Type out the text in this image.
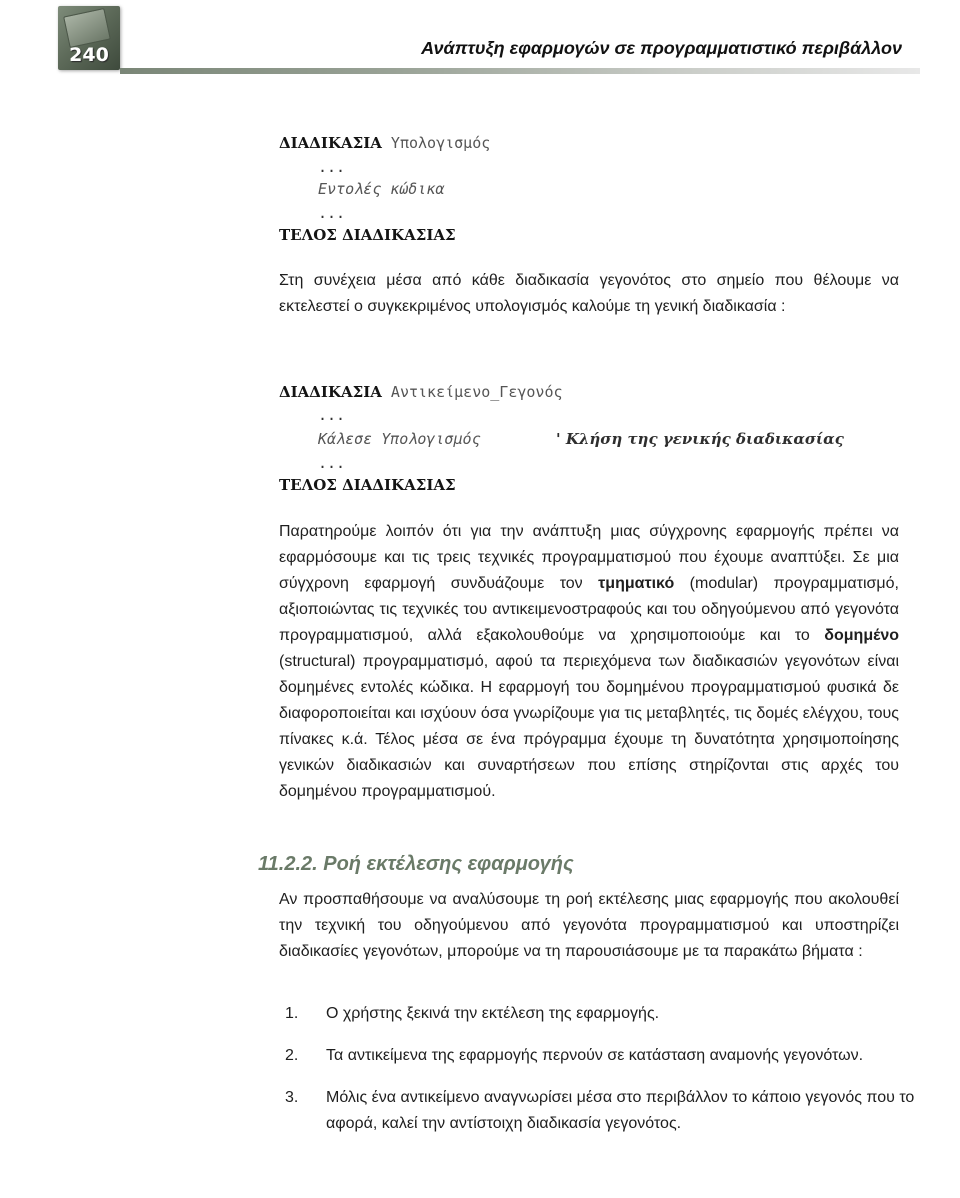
240	Ανάπτυξη εφαρμογών σε προγραμματιστικό περιβάλλον
ΔΙΑΔΙΚΑΣΙΑ Υπολογισμός
...
Εντολές κώδικα
...
ΤΕΛΟΣ ΔΙΑΔΙΚΑΣΙΑΣ

Στη συνέχεια μέσα από κάθε διαδικασία γεγονότος στο σημείο που θέλουμε να εκτελεστεί ο συγκεκριμένος υπολογισμός καλούμε τη γενική διαδικασία :

ΔΙΑΔΙΚΑΣΙΑ Αντικείμενο_Γεγονός
...
Κάλεσε Υπολογισμός	' Κλήση της γενικής διαδικασίας
...
ΤΕΛΟΣ ΔΙΑΔΙΚΑΣΙΑΣ

Παρατηρούμε λοιπόν ότι για την ανάπτυξη μιας σύγχρονης εφαρμογής πρέπει να εφαρμόσουμε και τις τρεις τεχνικές προγραμματισμού που έχουμε αναπτύξει. Σε μια σύγχρονη εφαρμογή συνδυάζουμε τον τμηματικό (modular) προγραμματισμό, αξιοποιώντας τις τεχνικές του αντικειμενοστραφούς και του οδηγούμενου από γεγονότα προγραμματισμού, αλλά εξακολουθούμε να χρησιμοποιούμε και το δομημένο (structural) προγραμματισμό, αφού τα περιεχόμενα των διαδικασιών γεγονότων είναι δομημένες εντολές κώδικα. Η εφαρμογή του δομημένου προγραμματισμού φυσικά δε διαφοροποιείται και ισχύουν όσα γνωρίζουμε για τις μεταβλητές, τις δομές ελέγχου, τους πίνακες κ.ά. Τέλος μέσα σε ένα πρόγραμμα έχουμε τη δυνατότητα χρησιμοποίησης γενικών διαδικασιών και συναρτήσεων που επίσης στηρίζονται στις αρχές του δομημένου προγραμματισμού.

11.2.2. Ροή εκτέλεσης εφαρμογής

Αν προσπαθήσουμε να αναλύσουμε τη ροή εκτέλεσης μιας εφαρμογής που ακολουθεί την τεχνική του οδηγούμενου από γεγονότα προγραμματισμού και υποστηρίζει διαδικασίες γεγονότων, μπορούμε να τη παρουσιάσουμε με τα παρακάτω βήματα :

1. Ο χρήστης ξεκινά την εκτέλεση της εφαρμογής.
2. Τα αντικείμενα της εφαρμογής περνούν σε κατάσταση αναμονής γεγονότων.
3. Μόλις ένα αντικείμενο αναγνωρίσει μέσα στο περιβάλλον το κάποιο γεγονός που το αφορά, καλεί την αντίστοιχη διαδικασία γεγονότος.
